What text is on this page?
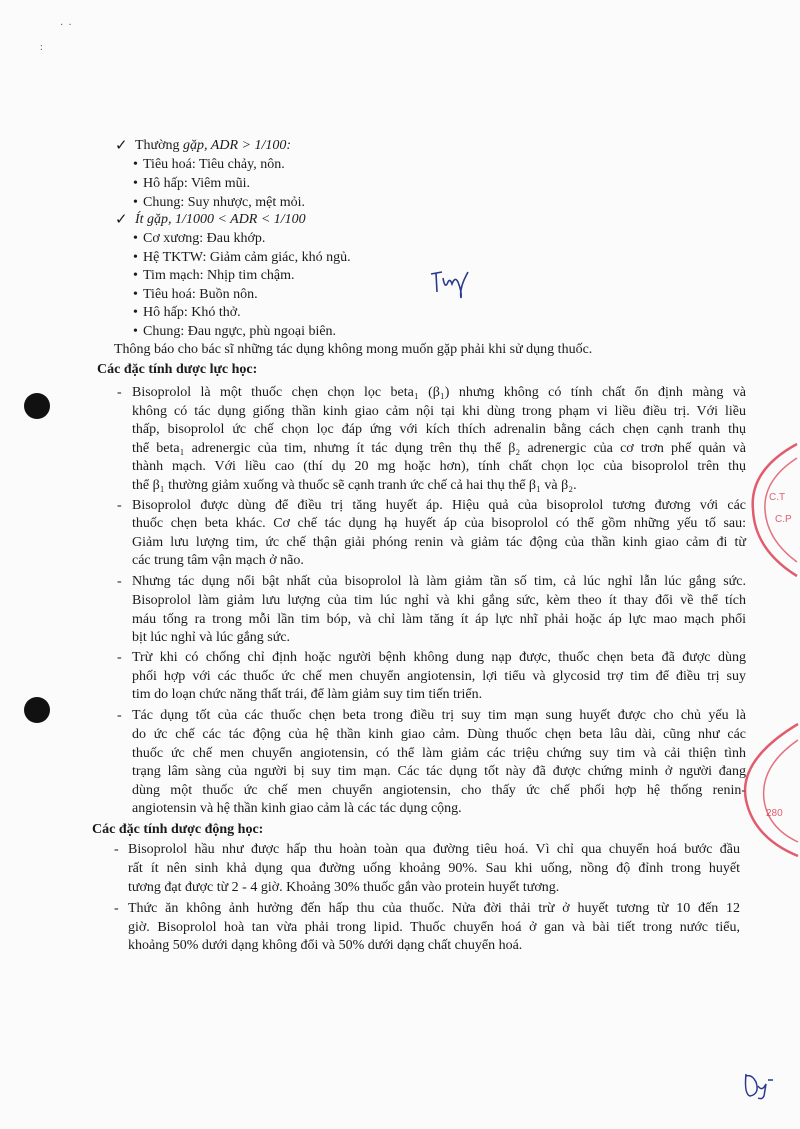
·  ·
:
✓ Thường gặp, ADR > 1/100:
• Tiêu hoá: Tiêu chảy, nôn.
• Hô hấp: Viêm mũi.
• Chung: Suy nhược, mệt mỏi.
✓ Ít gặp, 1/1000 < ADR < 1/100
• Cơ xương: Đau khớp.
• Hệ TKTW: Giảm cảm giác, khó ngủ.
• Tim mạch: Nhịp tim chậm.
• Tiêu hoá: Buồn nôn.
• Hô hấp: Khó thở.
• Chung: Đau ngực, phù ngoại biên.
Thông báo cho bác sĩ những tác dụng không mong muốn gặp phải khi sử dụng thuốc.
Các đặc tính dược lực học:
- Bisoprolol là một thuốc chẹn chọn lọc beta₁ (β₁) nhưng không có tính chất ổn định màng và
không có tác dụng giống thần kinh giao cảm nội tại khi dùng trong phạm vi liều điều trị. Với liều
thấp, bisoprolol ức chế chọn lọc đáp ứng với kích thích adrenalin bằng cách chẹn cạnh tranh thụ
thể beta₁ adrenergic của tim, nhưng ít tác dụng trên thụ thể β₂ adrenergic của cơ trơn phế quản và
thành mạch. Với liều cao (thí dụ 20 mg hoặc hơn), tính chất chọn lọc của bisoprolol trên thụ
thể β₁ thường giảm xuống và thuốc sẽ cạnh tranh ức chế cả hai thụ thể β₁ và β₂.
- Bisoprolol được dùng để điều trị tăng huyết áp. Hiệu quả của bisoprolol tương đương với các
thuốc chẹn beta khác. Cơ chế tác dụng hạ huyết áp của bisoprolol có thể gồm những yếu tố sau:
Giảm lưu lượng tim, ức chế thận giải phóng renin và giảm tác động của thần kinh giao cảm đi từ
các trung tâm vận mạch ở não.
- Nhưng tác dụng nổi bật nhất của bisoprolol là làm giảm tần số tim, cả lúc nghỉ lẫn lúc gắng sức.
Bisoprolol làm giảm lưu lượng của tim lúc nghỉ và khi gắng sức, kèm theo ít thay đổi về thể tích
máu tống ra trong mỗi lần tim bóp, và chỉ làm tăng ít áp lực nhĩ phải hoặc áp lực mao mạch phổi
bịt lúc nghỉ và lúc gắng sức.
- Trừ khi có chống chỉ định hoặc người bệnh không dung nạp được, thuốc chẹn beta đã được dùng
phối hợp với các thuốc ức chế men chuyển angiotensin, lợi tiểu và glycosid trợ tim để điều trị suy
tim do loạn chức năng thất trái, để làm giảm suy tim tiến triển.
- Tác dụng tốt của các thuốc chẹn beta trong điều trị suy tim mạn sung huyết được cho chủ yếu là
do ức chế các tác động của hệ thần kinh giao cảm. Dùng thuốc chẹn beta lâu dài, cũng như các
thuốc ức chế men chuyển angiotensin, có thể làm giảm các triệu chứng suy tim và cải thiện tình
trạng lâm sàng của người bị suy tim mạn. Các tác dụng tốt này đã được chứng minh ở người đang
dùng một thuốc ức chế men chuyển angiotensin, cho thấy ức chế phối hợp hệ thống renin-
angiotensin và hệ thần kinh giao cảm là các tác dụng cộng.
Các đặc tính dược động học:
- Bisoprolol hầu như được hấp thu hoàn toàn qua đường tiêu hoá. Vì chỉ qua chuyển hoá bước đầu
rất ít nên sinh khả dụng qua đường uống khoảng 90%. Sau khi uống, nồng độ đỉnh trong huyết
tương đạt được từ 2 - 4 giờ. Khoảng 30% thuốc gắn vào protein huyết tương.
- Thức ăn không ảnh hưởng đến hấp thu của thuốc. Nửa đời thải trừ ở huyết tương từ 10 đến 12
giờ. Bisoprolol hoà tan vừa phải trong lipid. Thuốc chuyển hoá ở gan và bài tiết trong nước tiểu,
khoảng 50% dưới dạng không đổi và 50% dưới dạng chất chuyển hoá.
C.T
C.P
280
